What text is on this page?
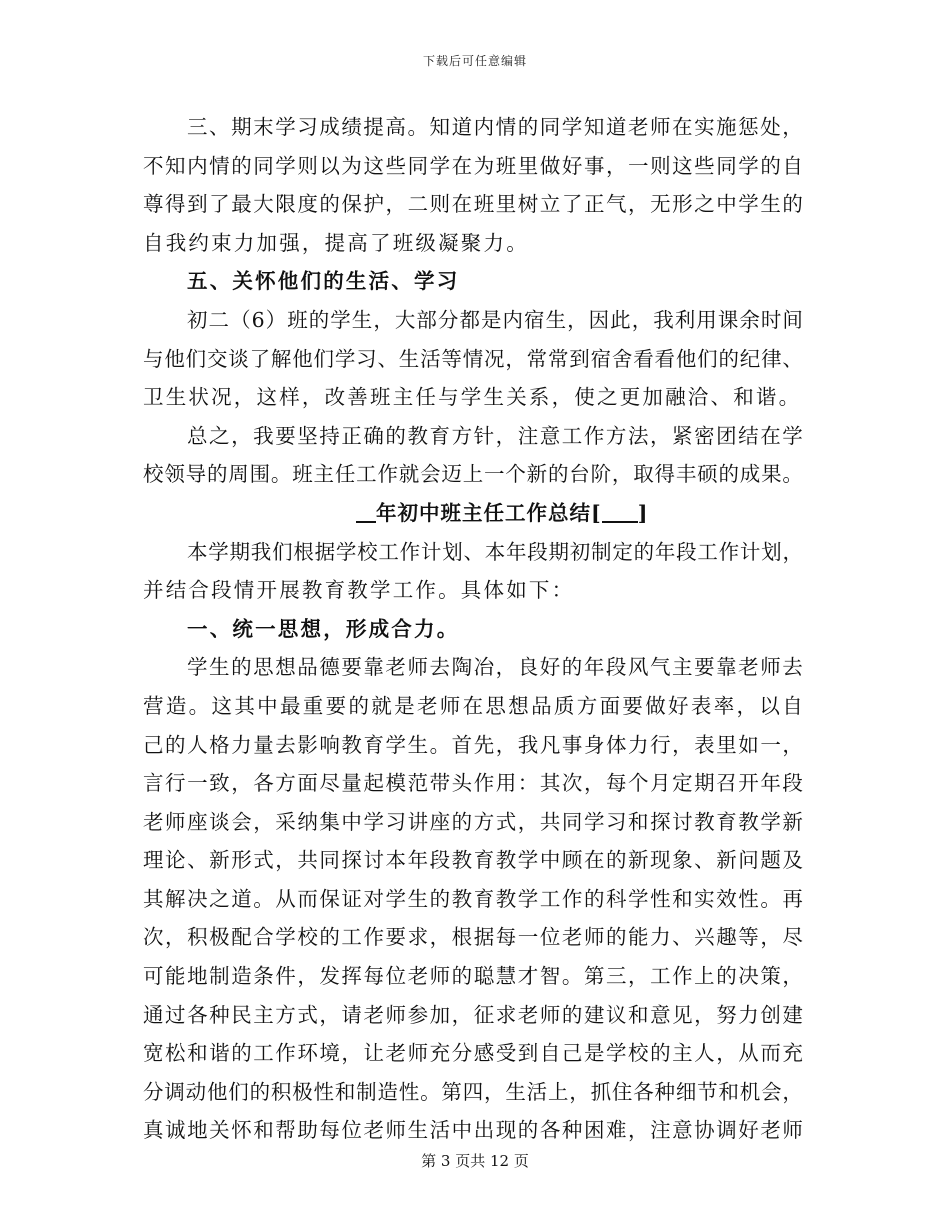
下载后可任意编辑
三 、 期 末 学 习 成 绩 提 高 。 知 道 内 情 的 同 学 知 道 老 师 在 实 施 惩 处 ，
不 知 内 情 的 同 学 则 以 为 这 些 同 学 在 为 班 里 做 好 事 ， 一 则 这 些 同 学 的 自
尊 得 到 了 最 大 限 度 的 保 护 ， 二 则 在 班 里 树 立 了 正 气 ， 无 形 之 中 学 生 的
自我约束力加强，提高了班级凝聚力。
五、关怀他们的生活、学习
初 二 （ 6 ） 班 的 学 生 ， 大 部 分 都 是 内 宿 生 ， 因 此 ， 我 利 用 课 余 时 间
与 他 们 交 谈 了 解 他 们 学 习 、 生 活 等 情 况 ， 常 常 到 宿 舍 看 看 他 们 的 纪 律 、
卫生状况，这样，改善班主任与学生关系，使之更加融洽、和谐。
总 之 ， 我 要 坚 持 正 确 的 教 育 方 针 ， 注 意 工 作 方 法 ， 紧 密 团 结 在 学
校 领 导 的 周 围 。 班 主 任 工 作 就 会 迈 上 一 个 新 的 台 阶 ， 取 得 丰 硕 的 成 果 。
年初中班主任工作总结[ ]
本 学 期 我 们 根 据 学 校 工 作 计 划 、 本 年 段 期 初 制 定 的 年 段 工 作 计 划 ，
并结合段情开展教育教学工作。具体如下：
一、统一思想，形成合力。
学 生 的 思 想 品 德 要 靠 老 师 去 陶 冶 ， 良 好 的 年 段 风 气 主 要 靠 老 师 去
营 造 。 这 其 中 最 重 要 的 就 是 老 师 在 思 想 品 质 方 面 要 做 好 表 率 ， 以 自
己 的 人 格 力 量 去 影 响 教 育 学 生 。 首 先 ， 我 凡 事 身 体 力 行 ， 表 里 如 一 ，
言 行 一 致 ， 各 方 面 尽 量 起 模 范 带 头 作 用 ： 其 次 ， 每 个 月 定 期 召 开 年 段
老 师 座 谈 会 ， 采 纳 集 中 学 习 讲 座 的 方 式 ， 共 同 学 习 和 探 讨 教 育 教 学 新
理 论 、 新 形 式 ， 共 同 探 讨 本 年 段 教 育 教 学 中 顾 在 的 新 现 象 、 新 问 题 及
其 解 决 之 道 。 从 而 保 证 对 学 生 的 教 育 教 学 工 作 的 科 学 性 和 实 效 性 。 再
次 ， 积 极 配 合 学 校 的 工 作 要 求 ， 根 据 每 一 位 老 师 的 能 力 、 兴 趣 等 ， 尽
可 能 地 制 造 条 件 ， 发 挥 每 位 老 师 的 聪 慧 才 智 。 第 三 ， 工 作 上 的 决 策 ，
通 过 各 种 民 主 方 式 ， 请 老 师 参 加 ， 征 求 老 师 的 建 议 和 意 见 ， 努 力 创 建
宽 松 和 谐 的 工 作 环 境 ， 让 老 师 充 分 感 受 到 自 己 是 学 校 的 主 人 ， 从 而 充
分 调 动 他 们 的 积 极 性 和 制 造 性 。 第 四 ， 生 活 上 ， 抓 住 各 种 细 节 和 机 会 ，
真 诚 地 关 怀 和 帮 助 每 位 老 师 生 活 中 出 现 的 各 种 困 难 ， 注 意 协 调 好 老 师
第 3 页共 12 页
